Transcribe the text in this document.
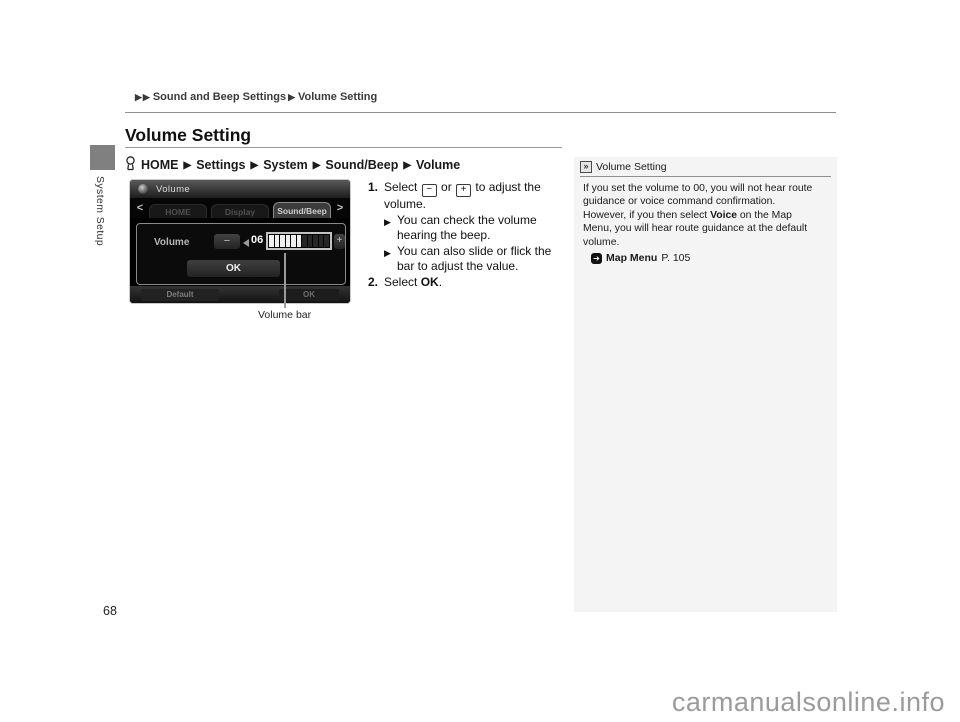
▶▶ Sound and Beep Settings ▶ Volume Setting
System Setup
Volume Setting
HOME ▶ Settings ▶ System ▶ Sound/Beep ▶ Volume
Volume
<	HOME	Display	Sound/Beep >
Volume	−	06	+
OK
Default	OK
Volume bar
1. Select − or + to adjust the volume.
▶ You can check the volume hearing the beep.
▶ You can also slide or flick the bar to adjust the value.
2. Select OK.
» Volume Setting
If you set the volume to 00, you will not hear route guidance or voice command confirmation. However, if you then select Voice on the Map Menu, you will hear route guidance at the default volume.
➔ Map Menu P. 105
68
carmanualsonline.info
